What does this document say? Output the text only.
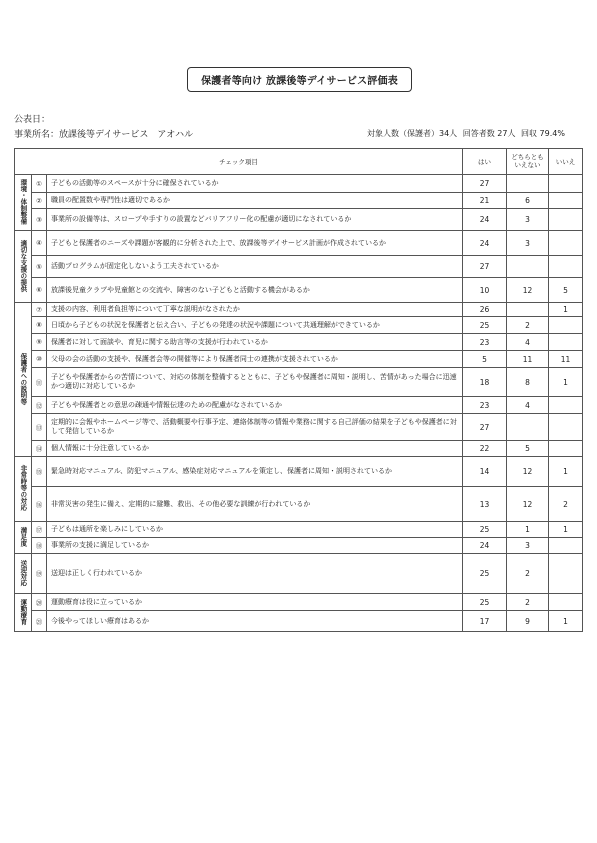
保護者等向け 放課後等デイサービス評価表
公表日：
事業所名：放課後等デイサービス　アオハル	対象人数（保護者）34人 回答者数 27人 回収 79.4%
チェック項目			はい	どちらとも
いえない	いいえ
環境・体制整備	①	子どもの活動等のスペースが十分に確保されているか	27		
	②	職員の配置数や専門性は適切であるか	21	6	
	③	事業所の設備等は、スロープや手すりの設置などバリアフリー化の配慮が適切になされているか	24	3	
適切な支援の提供	④	子どもと保護者のニーズや課題が客観的に分析された上で、放課後等デイサービス計画が作成されているか	24	3	
	⑤	活動プログラムが固定化しないよう工夫されているか	27		
	⑥	放課後児童クラブや児童館との交流や、障害のない子どもと活動する機会があるか	10	12	5
保護者への説明等	⑦	支援の内容、利用者負担等について丁寧な説明がなされたか	26		1
	⑧	日頃から子どもの状況を保護者と伝え合い、子どもの発達の状況や課題について共通理解ができているか	25	2	
	⑨	保護者に対して面談や、育児に関する助言等の支援が行われているか	23	4	
	⑩	父母の会の活動の支援や、保護者会等の開催等により保護者同士の連携が支援されているか	5	11	11
	⑪	子どもや保護者からの苦情について、対応の体制を整備するとともに、子どもや保護者に周知・説明し、苦情があった場合に迅速かつ適切に対応しているか	18	8	1
	⑫	子どもや保護者との意思の疎通や情報伝達のための配慮がなされているか	23	4	
	⑬	定期的に会報やホームページ等で、活動概要や行事予定、連絡体制等の情報や業務に関する自己評価の結果を子どもや保護者に対して発信しているか	27		
	⑭	個人情報に十分注意しているか	22	5	
非常時等の対応	⑮	緊急時対応マニュアル、防犯マニュアル、感染症対応マニュアルを策定し、保護者に周知・説明されているか	14	12	1
	⑯	非常災害の発生に備え、定期的に避難、救出、その他必要な訓練が行われているか	13	12	2
満足度	⑰	子どもは通所を楽しみにしているか	25	1	1
	⑱	事業所の支援に満足しているか	24	3	
送迎対応	⑲	送迎は正しく行われているか	25	2	
運動療育	⑳	運動療育は役に立っているか	25	2	
	㉑	今後やってほしい療育はあるか	17	9	1
